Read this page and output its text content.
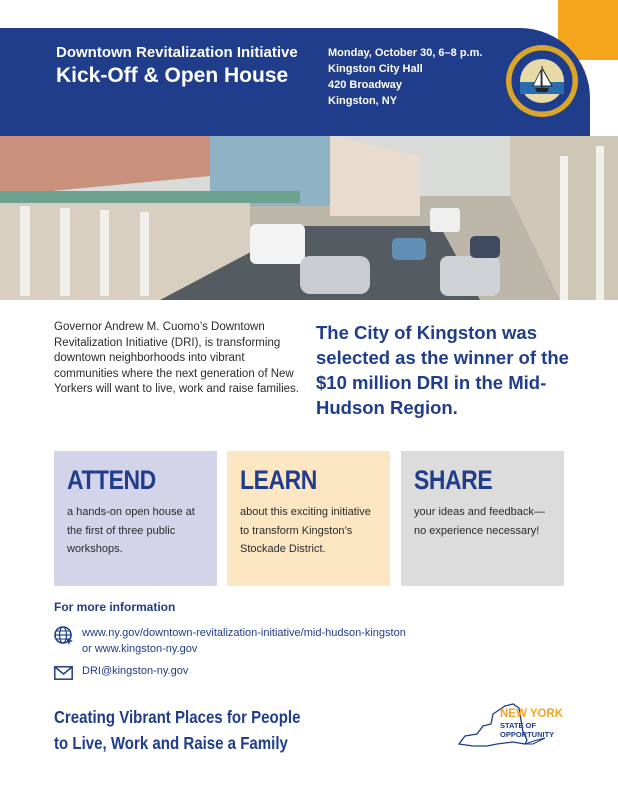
Downtown Revitalization Initiative
Kick-Off & Open House
Monday, October 30, 6–8 p.m.
Kingston City Hall
420 Broadway
Kingston, NY
Governor Andrew M. Cuomo’s Downtown Revitalization Initiative (DRI), is transforming downtown neighborhoods into vibrant communities where the next generation of New Yorkers will want to live, work and raise families.
The City of Kingston was selected as the winner of the $10 million DRI in the Mid-Hudson Region.
ATTEND
a hands-on open house at the first of three public workshops.
LEARN
about this exciting initiative to transform Kingston’s Stockade District.
SHARE
your ideas and feedback—no experience necessary!
For more information
www.ny.gov/downtown-revitalization-initiative/mid-hudson-kingston
or www.kingston-ny.gov
DRI@kingston-ny.gov
Creating Vibrant Places for People
to Live, Work and Raise a Family
NEW YORK
STATE OF
OPPORTUNITY
